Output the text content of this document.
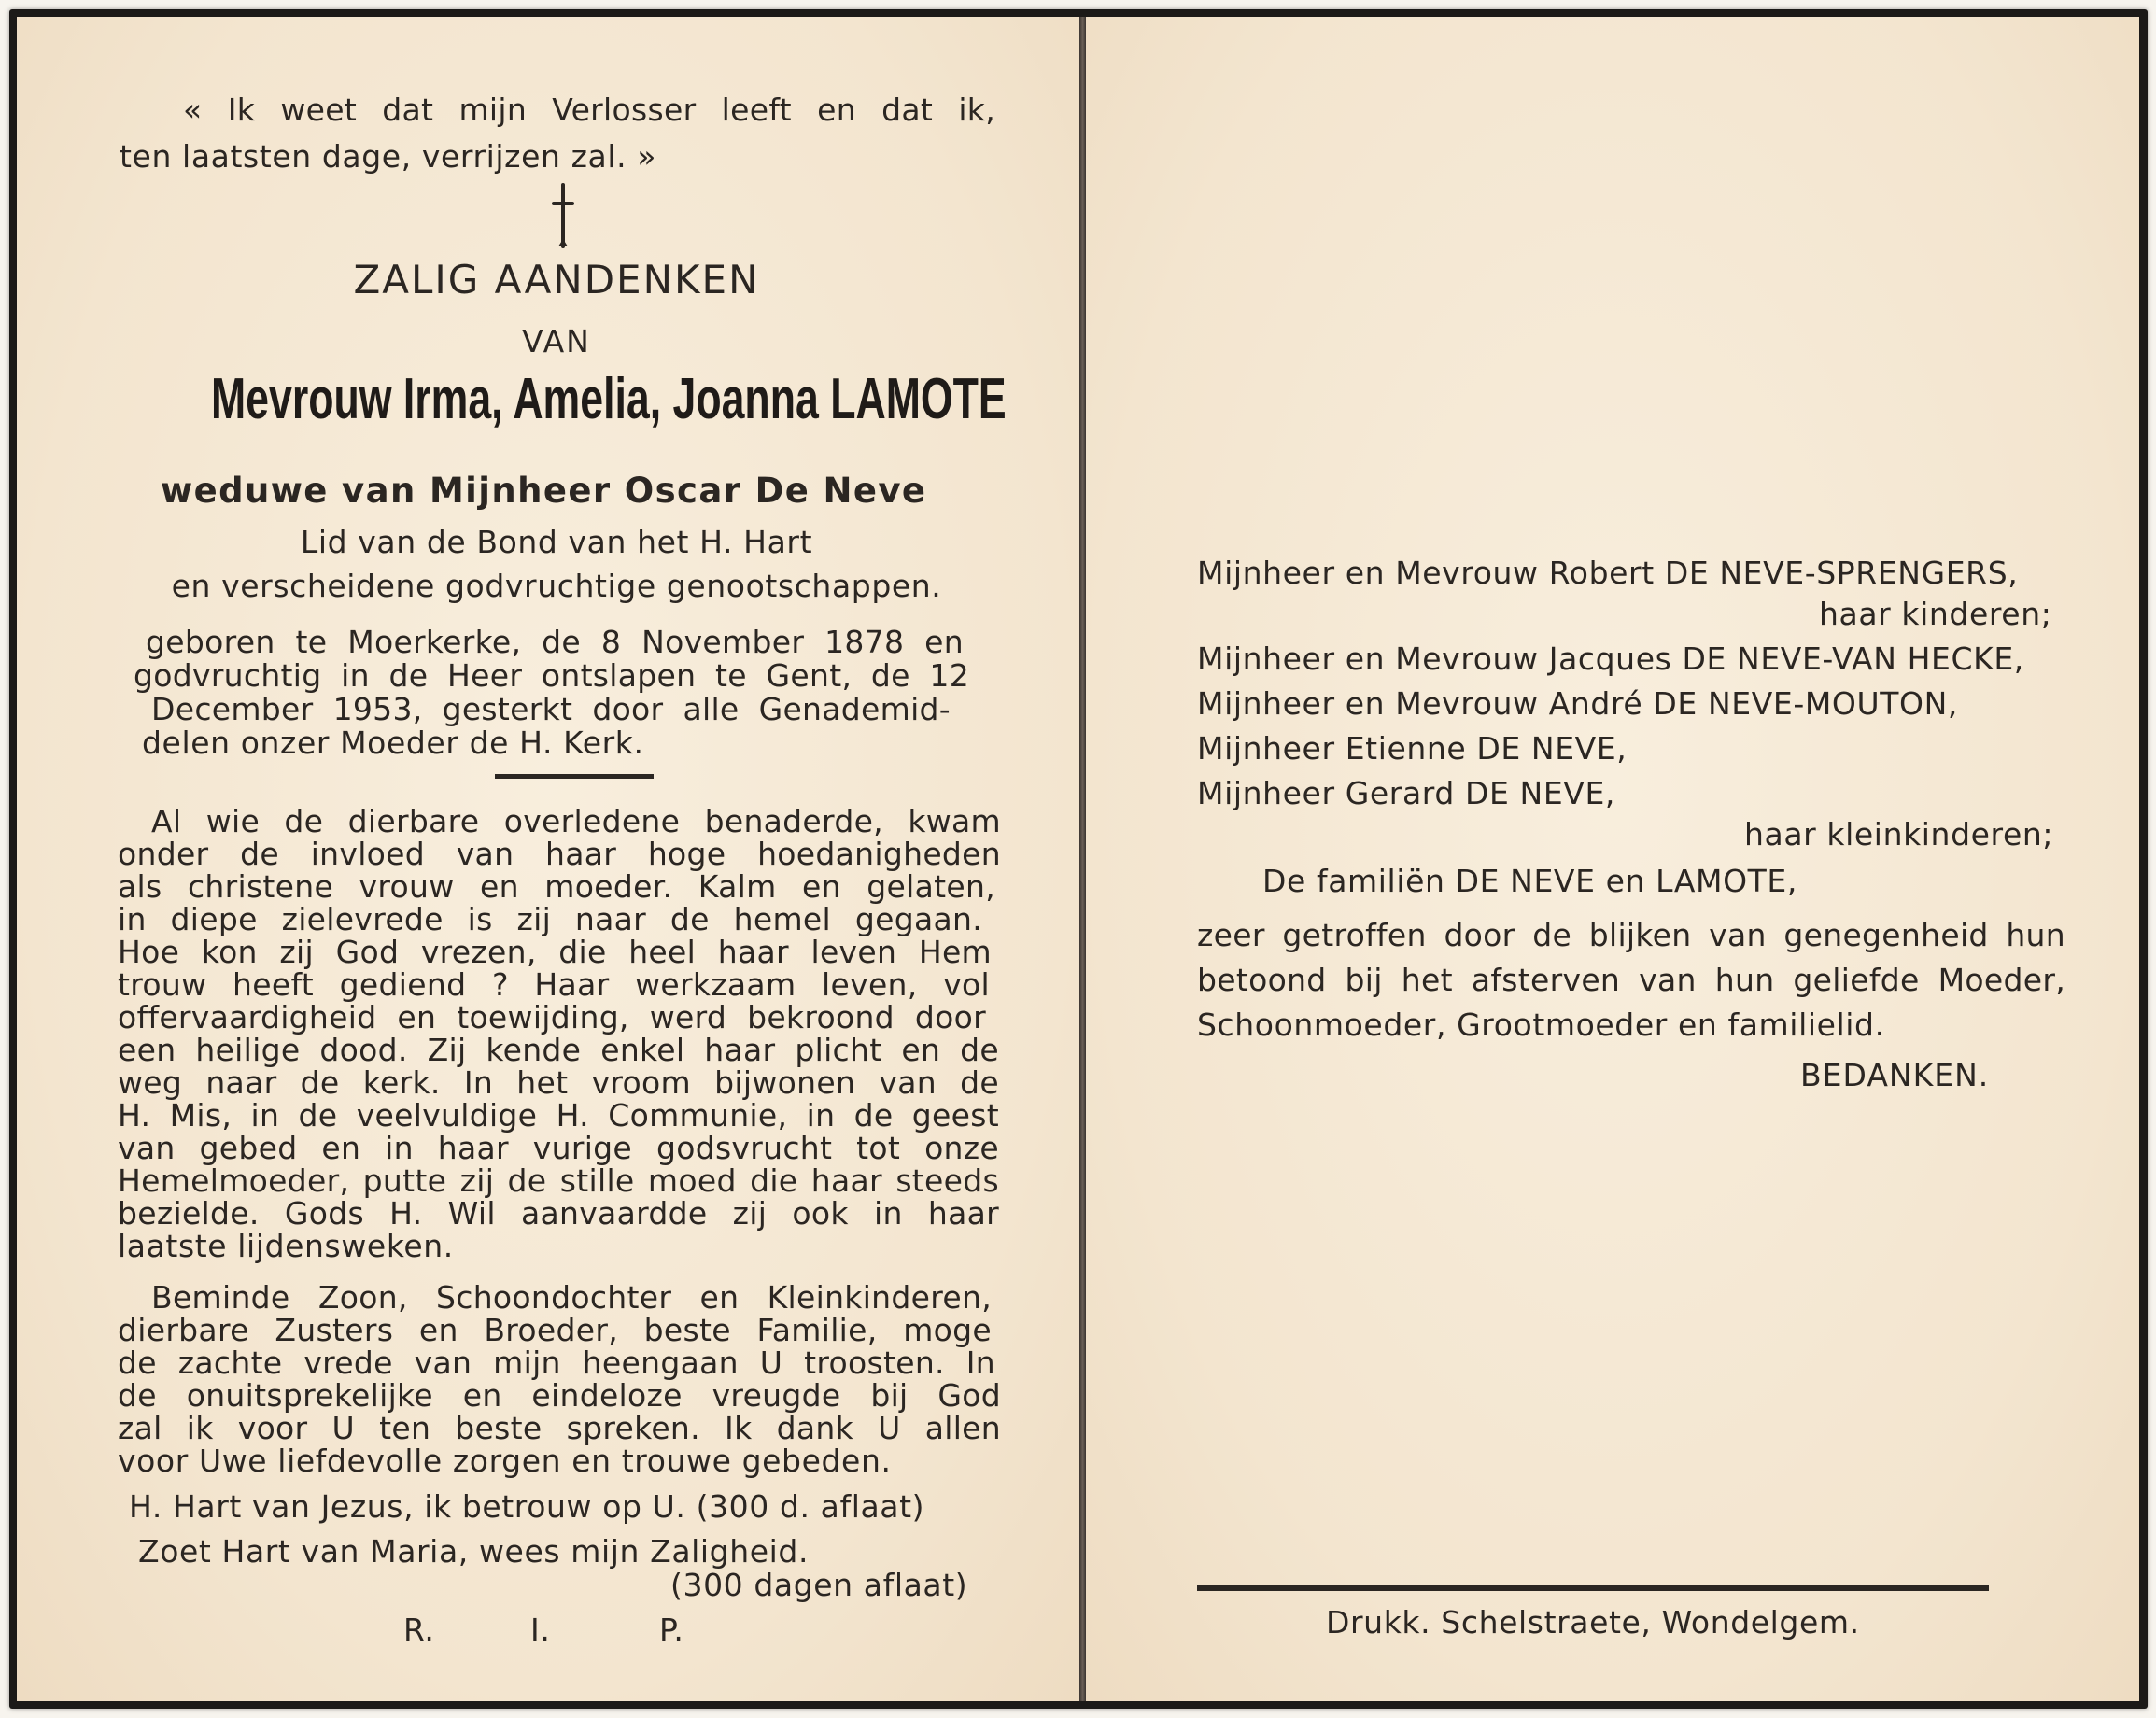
« Ik weet dat mijn Verlosser leeft en dat ik,
ten laatsten dage, verrijzen zal. »
ZALIG AANDENKEN
VAN
Mevrouw Irma, Amelia, Joanna LAMOTE
weduwe van Mijnheer Oscar De Neve
Lid van de Bond van het H. Hart
en verscheidene godvruchtige genootschappen.
geboren te Moerkerke, de 8 November 1878 en
godvruchtig in de Heer ontslapen te Gent, de 12
December 1953, gesterkt door alle Genademid-
delen onzer Moeder de H. Kerk.
Al wie de dierbare overledene benaderde, kwam
onder de invloed van haar hoge hoedanigheden
als christene vrouw en moeder. Kalm en gelaten,
in diepe zielevrede is zij naar de hemel gegaan.
Hoe kon zij God vrezen, die heel haar leven Hem
trouw heeft gediend ? Haar werkzaam leven, vol
offervaardigheid en toewijding, werd bekroond door
een heilige dood. Zij kende enkel haar plicht en de
weg naar de kerk. In het vroom bijwonen van de
H. Mis, in de veelvuldige H. Communie, in de geest
van gebed en in haar vurige godsvrucht tot onze
Hemelmoeder, putte zij de stille moed die haar steeds
bezielde. Gods H. Wil aanvaardde zij ook in haar
laatste lijdensweken.
Beminde Zoon, Schoondochter en Kleinkinderen,
dierbare Zusters en Broeder, beste Familie, moge
de zachte vrede van mijn heengaan U troosten. In
de onuitsprekelijke en eindeloze vreugde bij God
zal ik voor U ten beste spreken. Ik dank U allen
voor Uwe liefdevolle zorgen en trouwe gebeden.
H. Hart van Jezus, ik betrouw op U. (300 d. aflaat)
Zoet Hart van Maria, wees mijn Zaligheid.
(300 dagen aflaat)
R.	I.	P.
Mijnheer en Mevrouw Robert DE NEVE-SPRENGERS,
haar kinderen;
Mijnheer en Mevrouw Jacques DE NEVE-VAN HECKE,
Mijnheer en Mevrouw André DE NEVE-MOUTON,
Mijnheer Etienne DE NEVE,
Mijnheer Gerard DE NEVE,
haar kleinkinderen;
De familiën DE NEVE en LAMOTE,
zeer getroffen door de blijken van genegenheid hun
betoond bij het afsterven van hun geliefde Moeder,
Schoonmoeder, Grootmoeder en familielid.
BEDANKEN.
Drukk. Schelstraete, Wondelgem.
